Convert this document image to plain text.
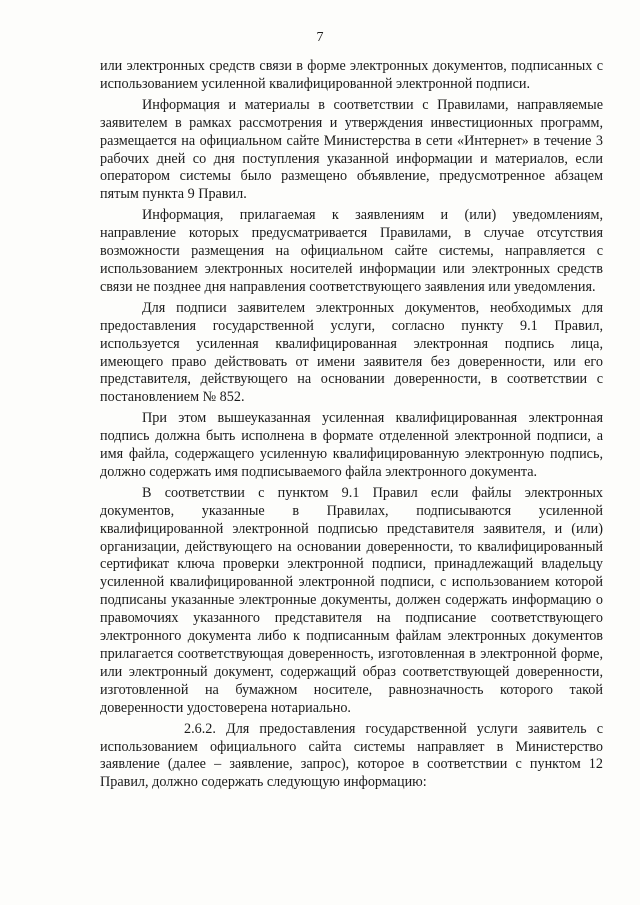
7

или электронных средств связи в форме электронных документов, подписанных с использованием усиленной квалифицированной электронной подписи.

Информация и материалы в соответствии с Правилами, направляемые заявителем в рамках рассмотрения и утверждения инвестиционных программ, размещается на официальном сайте Министерства в сети «Интернет» в течение 3 рабочих дней со дня поступления указанной информации и материалов, если оператором системы было размещено объявление, предусмотренное абзацем пятым пункта 9 Правил.

Информация, прилагаемая к заявлениям и (или) уведомлениям, направление которых предусматривается Правилами, в случае отсутствия возможности размещения на официальном сайте системы, направляется с использованием электронных носителей информации или электронных средств связи не позднее дня направления соответствующего заявления или уведомления.

Для подписи заявителем электронных документов, необходимых для предоставления государственной услуги, согласно пункту 9.1 Правил, используется усиленная квалифицированная электронная подпись лица, имеющего право действовать от имени заявителя без доверенности, или его представителя, действующего на основании доверенности, в соответствии с постановлением № 852.

При этом вышеуказанная усиленная квалифицированная электронная подпись должна быть исполнена в формате отделенной электронной подписи, а имя файла, содержащего усиленную квалифицированную электронную подпись, должно содержать имя подписываемого файла электронного документа.

В соответствии с пунктом 9.1 Правил если файлы электронных документов, указанные в Правилах, подписываются усиленной квалифицированной электронной подписью представителя заявителя, и (или) организации, действующего на основании доверенности, то квалифицированный сертификат ключа проверки электронной подписи, принадлежащий владельцу усиленной квалифицированной электронной подписи, с использованием которой подписаны указанные электронные документы, должен содержать информацию о правомочиях указанного представителя на подписание соответствующего электронного документа либо к подписанным файлам электронных документов прилагается соответствующая доверенность, изготовленная в электронной форме, или электронный документ, содержащий образ соответствующей доверенности, изготовленной на бумажном носителе, равнозначность которого такой доверенности удостоверена нотариально.

2.6.2. Для предоставления государственной услуги заявитель с использованием официального сайта системы направляет в Министерство заявление (далее – заявление, запрос), которое в соответствии с пунктом 12 Правил, должно содержать следующую информацию:
